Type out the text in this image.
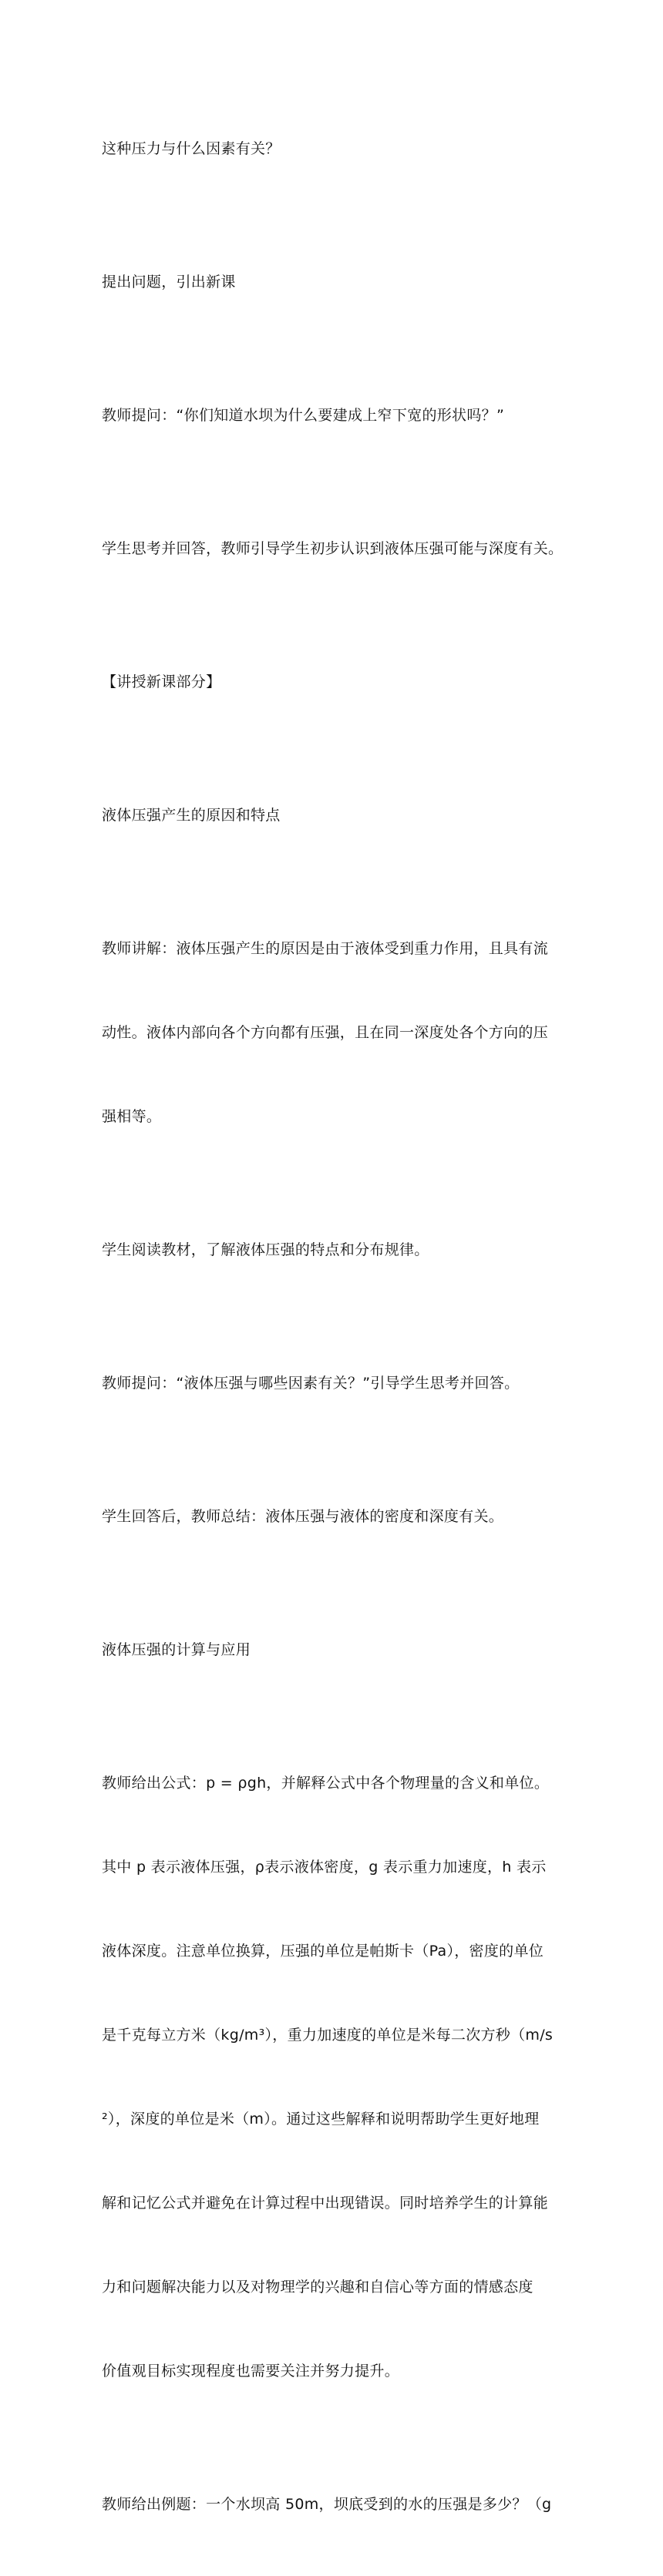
这种压力与什么因素有关？

提出问题，引出新课

教师提问：“你们知道水坝为什么要建成上窄下宽的形状吗？”

学生思考并回答，教师引导学生初步认识到液体压强可能与深度有关。

【讲授新课部分】

液体压强产生的原因和特点

教师讲解：液体压强产生的原因是由于液体受到重力作用，且具有流

动性。液体内部向各个方向都有压强，且在同一深度处各个方向的压

强相等。

学生阅读教材，了解液体压强的特点和分布规律。

教师提问：“液体压强与哪些因素有关？”引导学生思考并回答。

学生回答后，教师总结：液体压强与液体的密度和深度有关。

液体压强的计算与应用

教师给出公式：p = ρgh，并解释公式中各个物理量的含义和单位。

其中 p 表示液体压强，ρ表示液体密度，g 表示重力加速度，h 表示

液体深度。注意单位换算，压强的单位是帕斯卡（Pa），密度的单位

是千克每立方米（kg/m³），重力加速度的单位是米每二次方秒（m/s

²），深度的单位是米（m）。通过这些解释和说明帮助学生更好地理

解和记忆公式并避免在计算过程中出现错误。同时培养学生的计算能

力和问题解决能力以及对物理学的兴趣和自信心等方面的情感态度

价值观目标实现程度也需要关注并努力提升。

教师给出例题：一个水坝高 50m，坝底受到的水的压强是多少？（g
